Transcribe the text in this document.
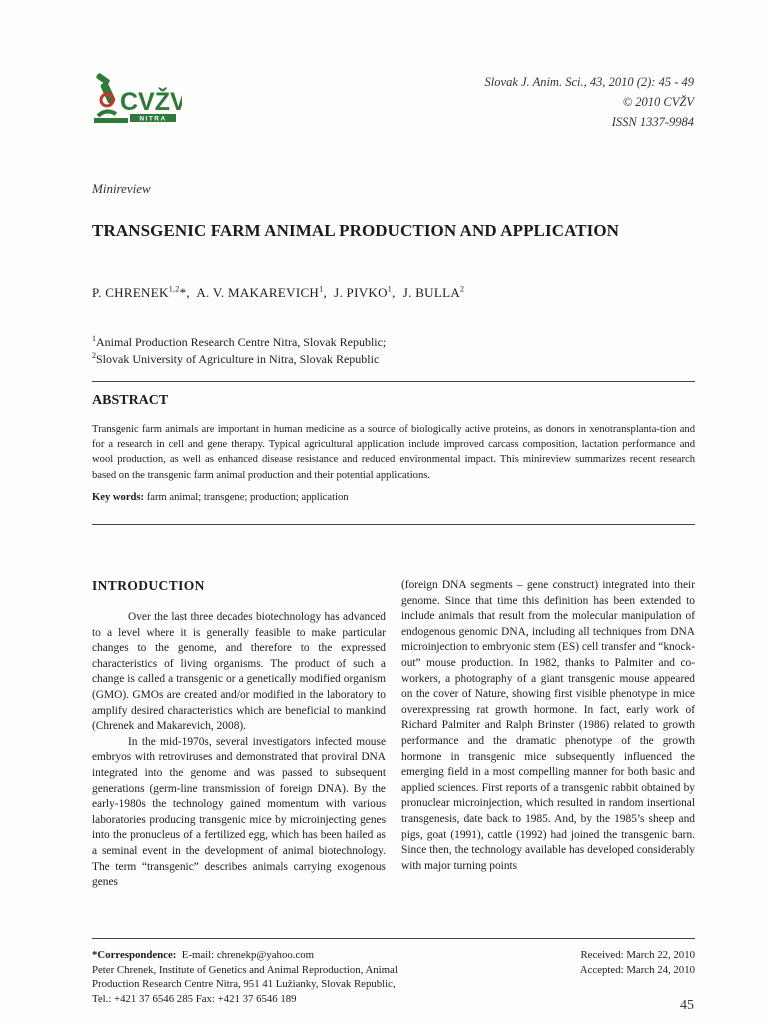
NITRA
CVŽV
Slovak J. Anim. Sci., 43, 2010 (2): 45 - 49
© 2010 CVŽV
ISSN 1337-9984
Minireview
TRANSGENIC FARM ANIMAL PRODUCTION AND APPLICATION
P. CHRENEK$^{1,2}$*,  A. V. MAKAREVICH$^1$,  J. PIVKO$^1$,  J. BULLA$^2$
$^1$Animal Production Research Centre Nitra, Slovak Republic;
$^2$Slovak University of Agriculture in Nitra, Slovak Republic
ABSTRACT

Transgenic farm animals are important in human medicine as a source of biologically active proteins, as donors in xenotransplanta-tion and for a research in cell and gene therapy. Typical agricultural application include improved carcass composition, lactation performance and wool production, as well as enhanced disease resistance and reduced environmental impact. This minireview summarizes recent research based on the transgenic farm animal production and their potential applications.

Key words: farm animal; transgene; production; application
INTRODUCTION

Over the last three decades biotechnology has advanced to a level where it is generally feasible to make particular changes to the genome, and therefore to the expressed characteristics of living organisms. The product of such a change is called a transgenic or a genetically modified organism (GMO). GMOs are created and/or modified in the laboratory to amplify desired characteristics which are beneficial to mankind (Chrenek and Makarevich, 2008).

In the mid-1970s, several investigators infected mouse embryos with retroviruses and demonstrated that proviral DNA integrated into the genome and was passed to subsequent generations (germ-line transmission of foreign DNA). By the early-1980s the technology gained momentum with various laboratories producing transgenic mice by microinjecting genes into the pronucleus of a fertilized egg, which has been hailed as a seminal event in the development of animal biotechnology. The term “transgenic” describes animals carrying exogenous genes

(foreign DNA segments – gene construct) integrated into their genome. Since that time this definition has been extended to include animals that result from the molecular manipulation of endogenous genomic DNA, including all techniques from DNA microinjection to embryonic stem (ES) cell transfer and “knock-out” mouse production. In 1982, thanks to Palmiter and co-workers, a photography of a giant transgenic mouse appeared on the cover of Nature, showing first visible phenotype in mice overexpressing rat growth hormone. In fact, early work of Richard Palmiter and Ralph Brinster (1986) related to growth performance and the dramatic phenotype of the growth hormone in transgenic mice subsequently influenced the emerging field in a most compelling manner for both basic and applied sciences. First reports of a transgenic rabbit obtained by pronuclear microinjection, which resulted in random insertional transgenesis, date back to 1985. And, by the 1985’s sheep and pigs, goat (1991), cattle (1992) had joined the transgenic barn. Since then, the technology available has developed considerably with major turning points

*Correspondence: E-mail: chrenekp@yahoo.com
Peter Chrenek, Institute of Genetics and Animal Reproduction, Animal
Production Research Centre Nitra, 951 41 Lužianky, Slovak Republic,
Tel.: +421 37 6546 285 Fax: +421 37 6546 189
Received: March 22, 2010
Accepted: March 24, 2010
45
